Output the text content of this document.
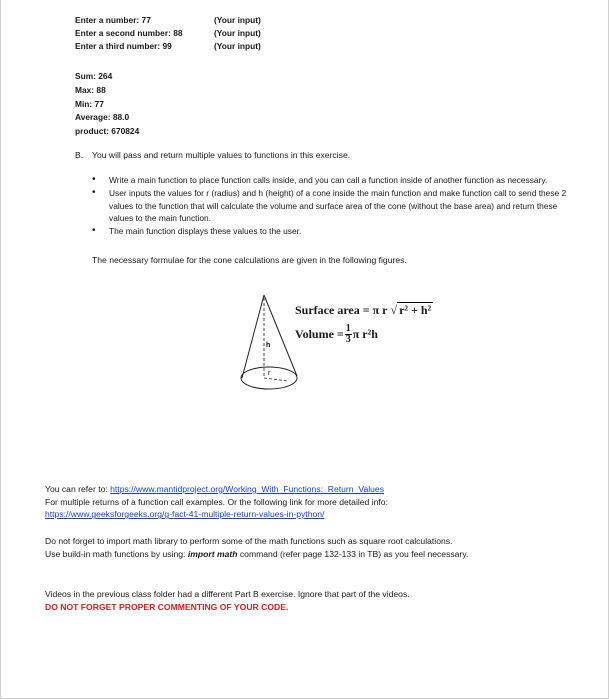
Enter a number: 77	(Your input)
Enter a second number: 88	(Your input)
Enter a third number: 99	(Your input)
Sum: 264
Max: 88
Min: 77
Average: 88.0
product: 670824
B. You will pass and return multiple values to functions in this exercise.
• Write a main function to place function calls inside, and you can call a function inside of another function as necessary.
• User inputs the values for r (radius) and h (height) of a cone inside the main function and make function call to send these 2 values to the function that will calculate the volume and surface area of the cone (without the base area) and return these values to the main function.
• The main function displays these values to the user.
The necessary formulae for the cone calculations are given in the following figures.
h
r
Surface area = π r √ r² + h²
Volume = $\frac{1}{3}$ π r²h
You can refer to: https://www.mantidproject.org/Working_With_Functions:_Return_Values
For multiple returns of a function call examples. Or the following link for more detailed info:
https://www.geeksforgeeks.org/g-fact-41-multiple-return-values-in-python/
Do not forget to import math library to perform some of the math functions such as square root calculations.
Use build-in math functions by using: import math command (refer page 132-133 in TB) as you feel necessary.
Videos in the previous class folder had a different Part B exercise. Ignore that part of the videos.
DO NOT FORGET PROPER COMMENTING OF YOUR CODE.
